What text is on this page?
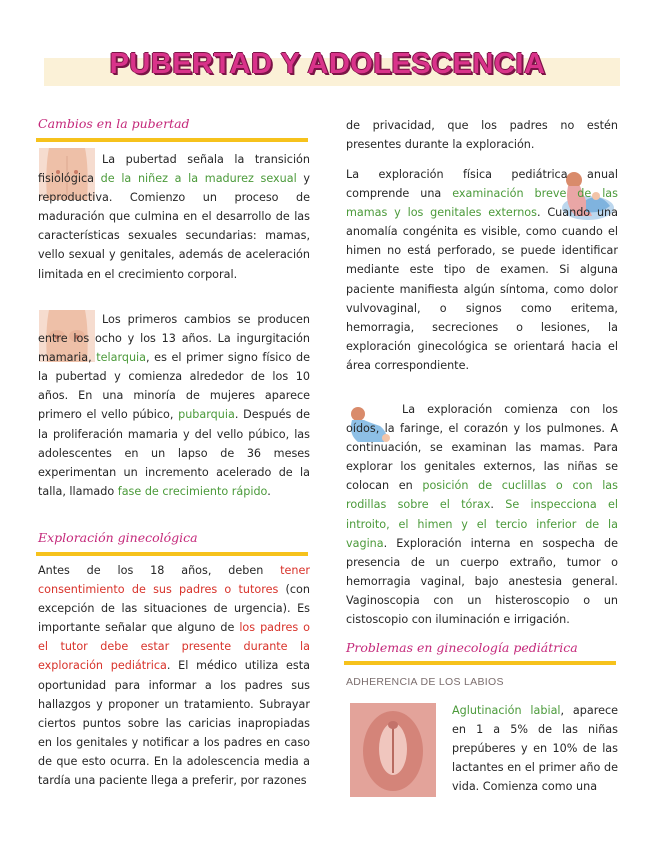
PUBERTAD Y ADOLESCENCIA
Cambios en la pubertad

La pubertad señala la transición fisiológica de la niñez a la madurez sexual y reproductiva. Comienzo un proceso de maduración que culmina en el desarrollo de las características sexuales secundarias: mamas, vello sexual y genitales, además de aceleración limitada en el crecimiento corporal.

Los primeros cambios se producen entre los ocho y los 13 años. La ingurgitación mamaria, telarquia, es el primer signo físico de la pubertad y comienza alrededor de los 10 años. En una minoría de mujeres aparece primero el vello púbico, pubarquia. Después de la proliferación mamaria y del vello púbico, las adolescentes en un lapso de 36 meses experimentan un incremento acelerado de la talla, llamado fase de crecimiento rápido.

Exploración ginecológica

Antes de los 18 años, deben tener consentimiento de sus padres o tutores (con excepción de las situaciones de urgencia). Es importante señalar que alguno de los padres o el tutor debe estar presente durante la exploración pediátrica. El médico utiliza esta oportunidad para informar a los padres sus hallazgos y proponer un tratamiento. Subrayar ciertos puntos sobre las caricias inapropiadas en los genitales y notificar a los padres en caso de que esto ocurra. En la adolescencia media a tardía una paciente llega a preferir, por razones

de privacidad, que los padres no estén presentes durante la exploración.

La exploración física pediátrica anual comprende una examinación breve de las mamas y los genitales externos. Cuando una anomalía congénita es visible, como cuando el himen no está perforado, se puede identificar mediante este tipo de examen. Si alguna paciente manifiesta algún síntoma, como dolor vulvovaginal, o signos como eritema, hemorragia, secreciones o lesiones, la exploración ginecológica se orientará hacia el área correspondiente.

La exploración comienza con los oídos, la faringe, el corazón y los pulmones. A continuación, se examinan las mamas. Para explorar los genitales externos, las niñas se colocan en posición de cuclillas o con las rodillas sobre el tórax. Se inspecciona el introito, el himen y el tercio inferior de la vagina. Exploración interna en sospecha de presencia de un cuerpo extraño, tumor o hemorragia vaginal, bajo anestesia general. Vaginoscopia con un histeroscopio o un cistoscopio con iluminación e irrigación.

Problemas en ginecología pediátrica
ADHERENCIA DE LOS LABIOS

Aglutinación labial, aparece en 1 a 5% de las niñas prepúberes y en 10% de las lactantes en el primer año de vida. Comienza como una
